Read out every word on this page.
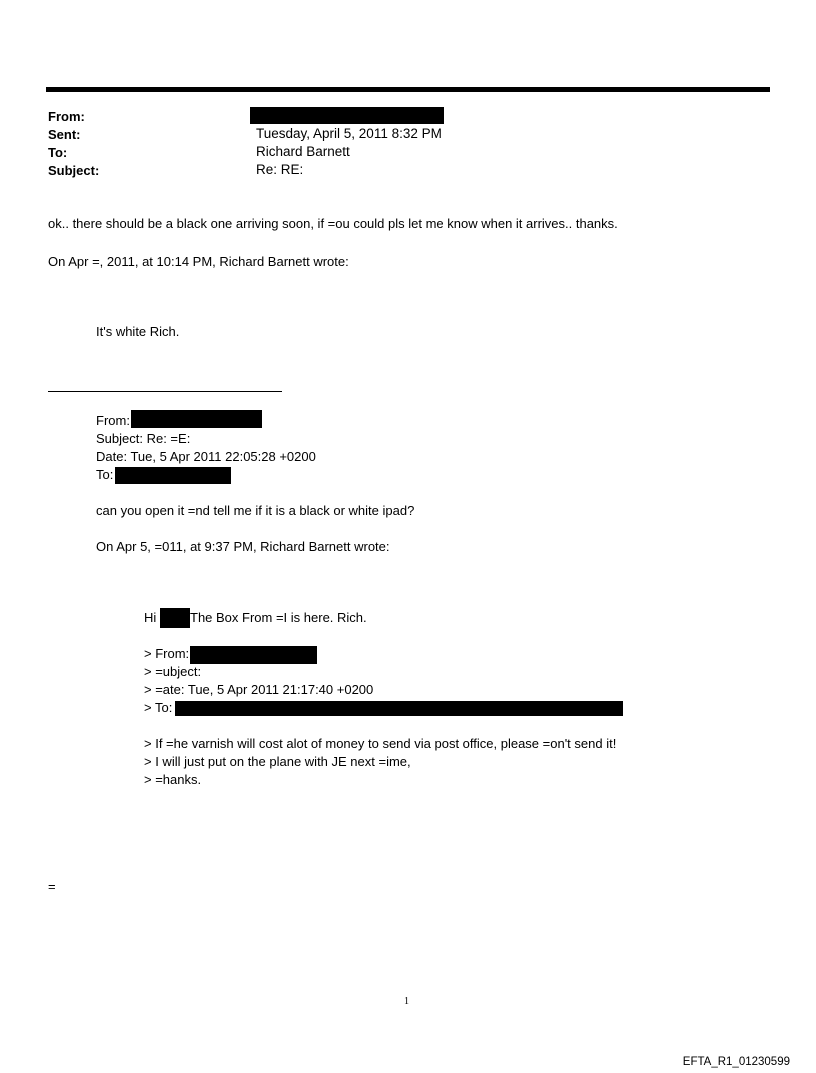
From:
Sent:	Tuesday, April 5, 2011 8:32 PM
To:	Richard Barnett
Subject:	Re: RE:
ok.. there should be a black one arriving soon, if =ou could pls let me know when it arrives.. thanks.
On Apr =, 2011, at 10:14 PM, Richard Barnett wrote:
It's white Rich.
From:
Subject: Re: =E:
Date: Tue, 5 Apr 2011 22:05:28 +0200
To:
can you open it =nd tell me if it is a black or white ipad?
On Apr 5, =011, at 9:37 PM, Richard Barnett wrote:
Hi	The Box From =I is here. Rich.
> From:
> =ubject:
> =ate: Tue, 5 Apr 2011 21:17:40 +0200
> To:
> If =he varnish will cost alot of money to send via post office, please =on't send it!
> I will just put on the plane with JE next =ime,
> =hanks.
=
1
EFTA_R1_01230599
